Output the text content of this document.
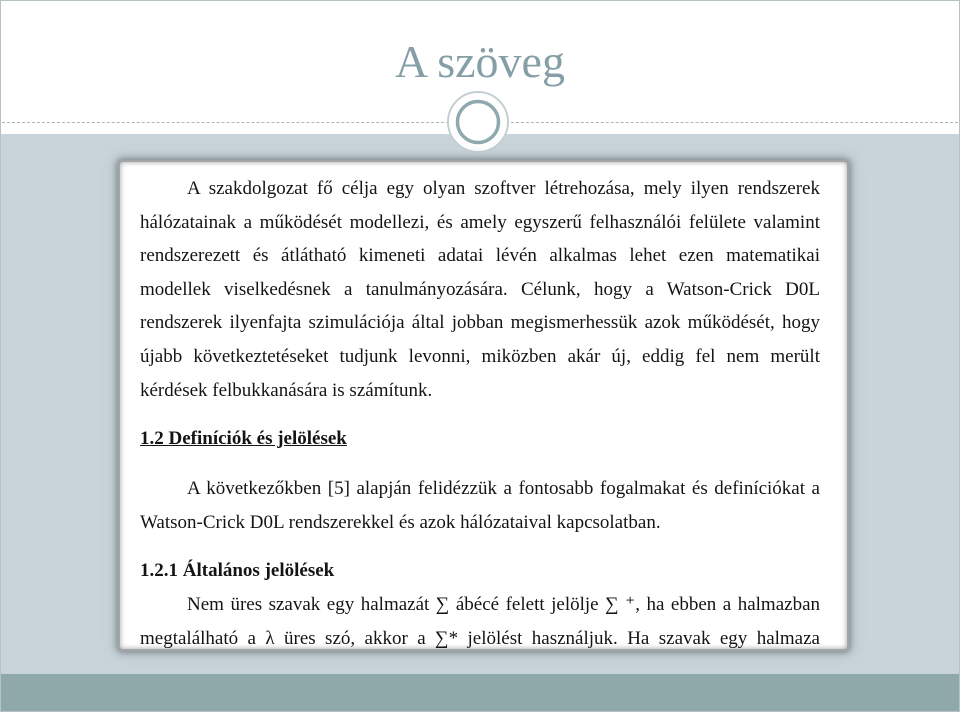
A szöveg
A szakdolgozat fő célja egy olyan szoftver létrehozása, mely ilyen rendszerek
hálózatainak a működését modellezi, és amely egyszerű felhasználói felülete valamint
rendszerezett és átlátható kimeneti adatai lévén alkalmas lehet ezen matematikai
modellek viselkedésnek a tanulmányozására. Célunk, hogy a Watson-Crick D0L
rendszerek ilyenfajta szimulációja által jobban megismerhessük azok működését, hogy
újabb következtetéseket tudjunk levonni, miközben akár új, eddig fel nem merült
kérdések felbukkanására is számítunk.
1.2 Definíciók és jelölések
A következőkben [5] alapján felidézzük a fontosabb fogalmakat és definíciókat a
Watson-Crick D0L rendszerekkel és azok hálózataival kapcsolatban.
1.2.1 Általános jelölések
Nem üres szavak egy halmazát ∑ ábécé felett jelölje ∑ ⁺, ha ebben a halmazban
megtalálható a λ üres szó, akkor a ∑* jelölést használjuk. Ha szavak egy halmaza
